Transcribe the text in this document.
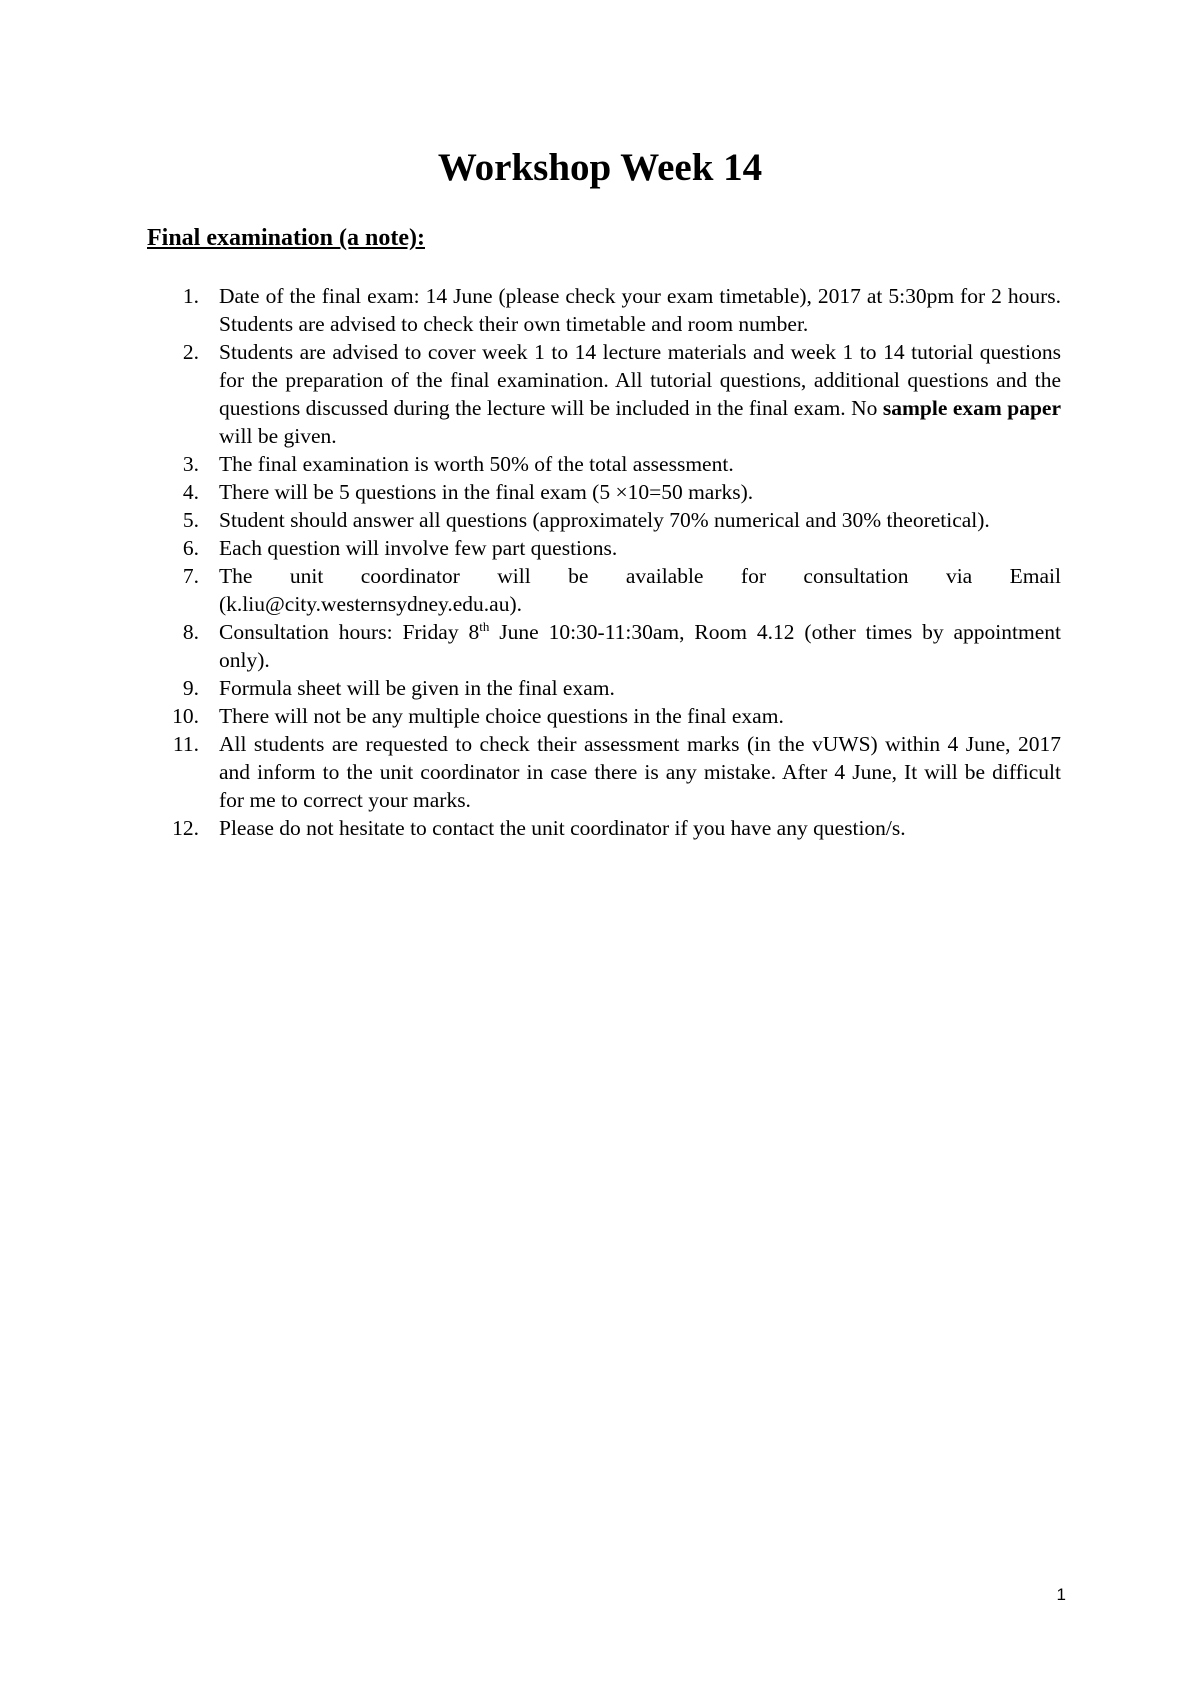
Workshop Week 14
Final examination (a note):
1. Date of the final exam: 14 June (please check your exam timetable), 2017 at 5:30pm for 2 hours. Students are advised to check their own timetable and room number.
2. Students are advised to cover week 1 to 14 lecture materials and week 1 to 14 tutorial questions for the preparation of the final examination. All tutorial questions, additional questions and the questions discussed during the lecture will be included in the final exam. No sample exam paper will be given.
3. The final examination is worth 50% of the total assessment.
4. There will be 5 questions in the final exam (5 ×10=50 marks).
5. Student should answer all questions (approximately 70% numerical and 30% theoretical).
6. Each question will involve few part questions.
7. The unit coordinator will be available for consultation via Email (k.liu@city.westernsydney.edu.au).
8. Consultation hours: Friday 8th June 10:30-11:30am, Room 4.12 (other times by appointment only).
9. Formula sheet will be given in the final exam.
10. There will not be any multiple choice questions in the final exam.
11. All students are requested to check their assessment marks (in the vUWS) within 4 June, 2017 and inform to the unit coordinator in case there is any mistake. After 4 June, It will be difficult for me to correct your marks.
12. Please do not hesitate to contact the unit coordinator if you have any question/s.
1
